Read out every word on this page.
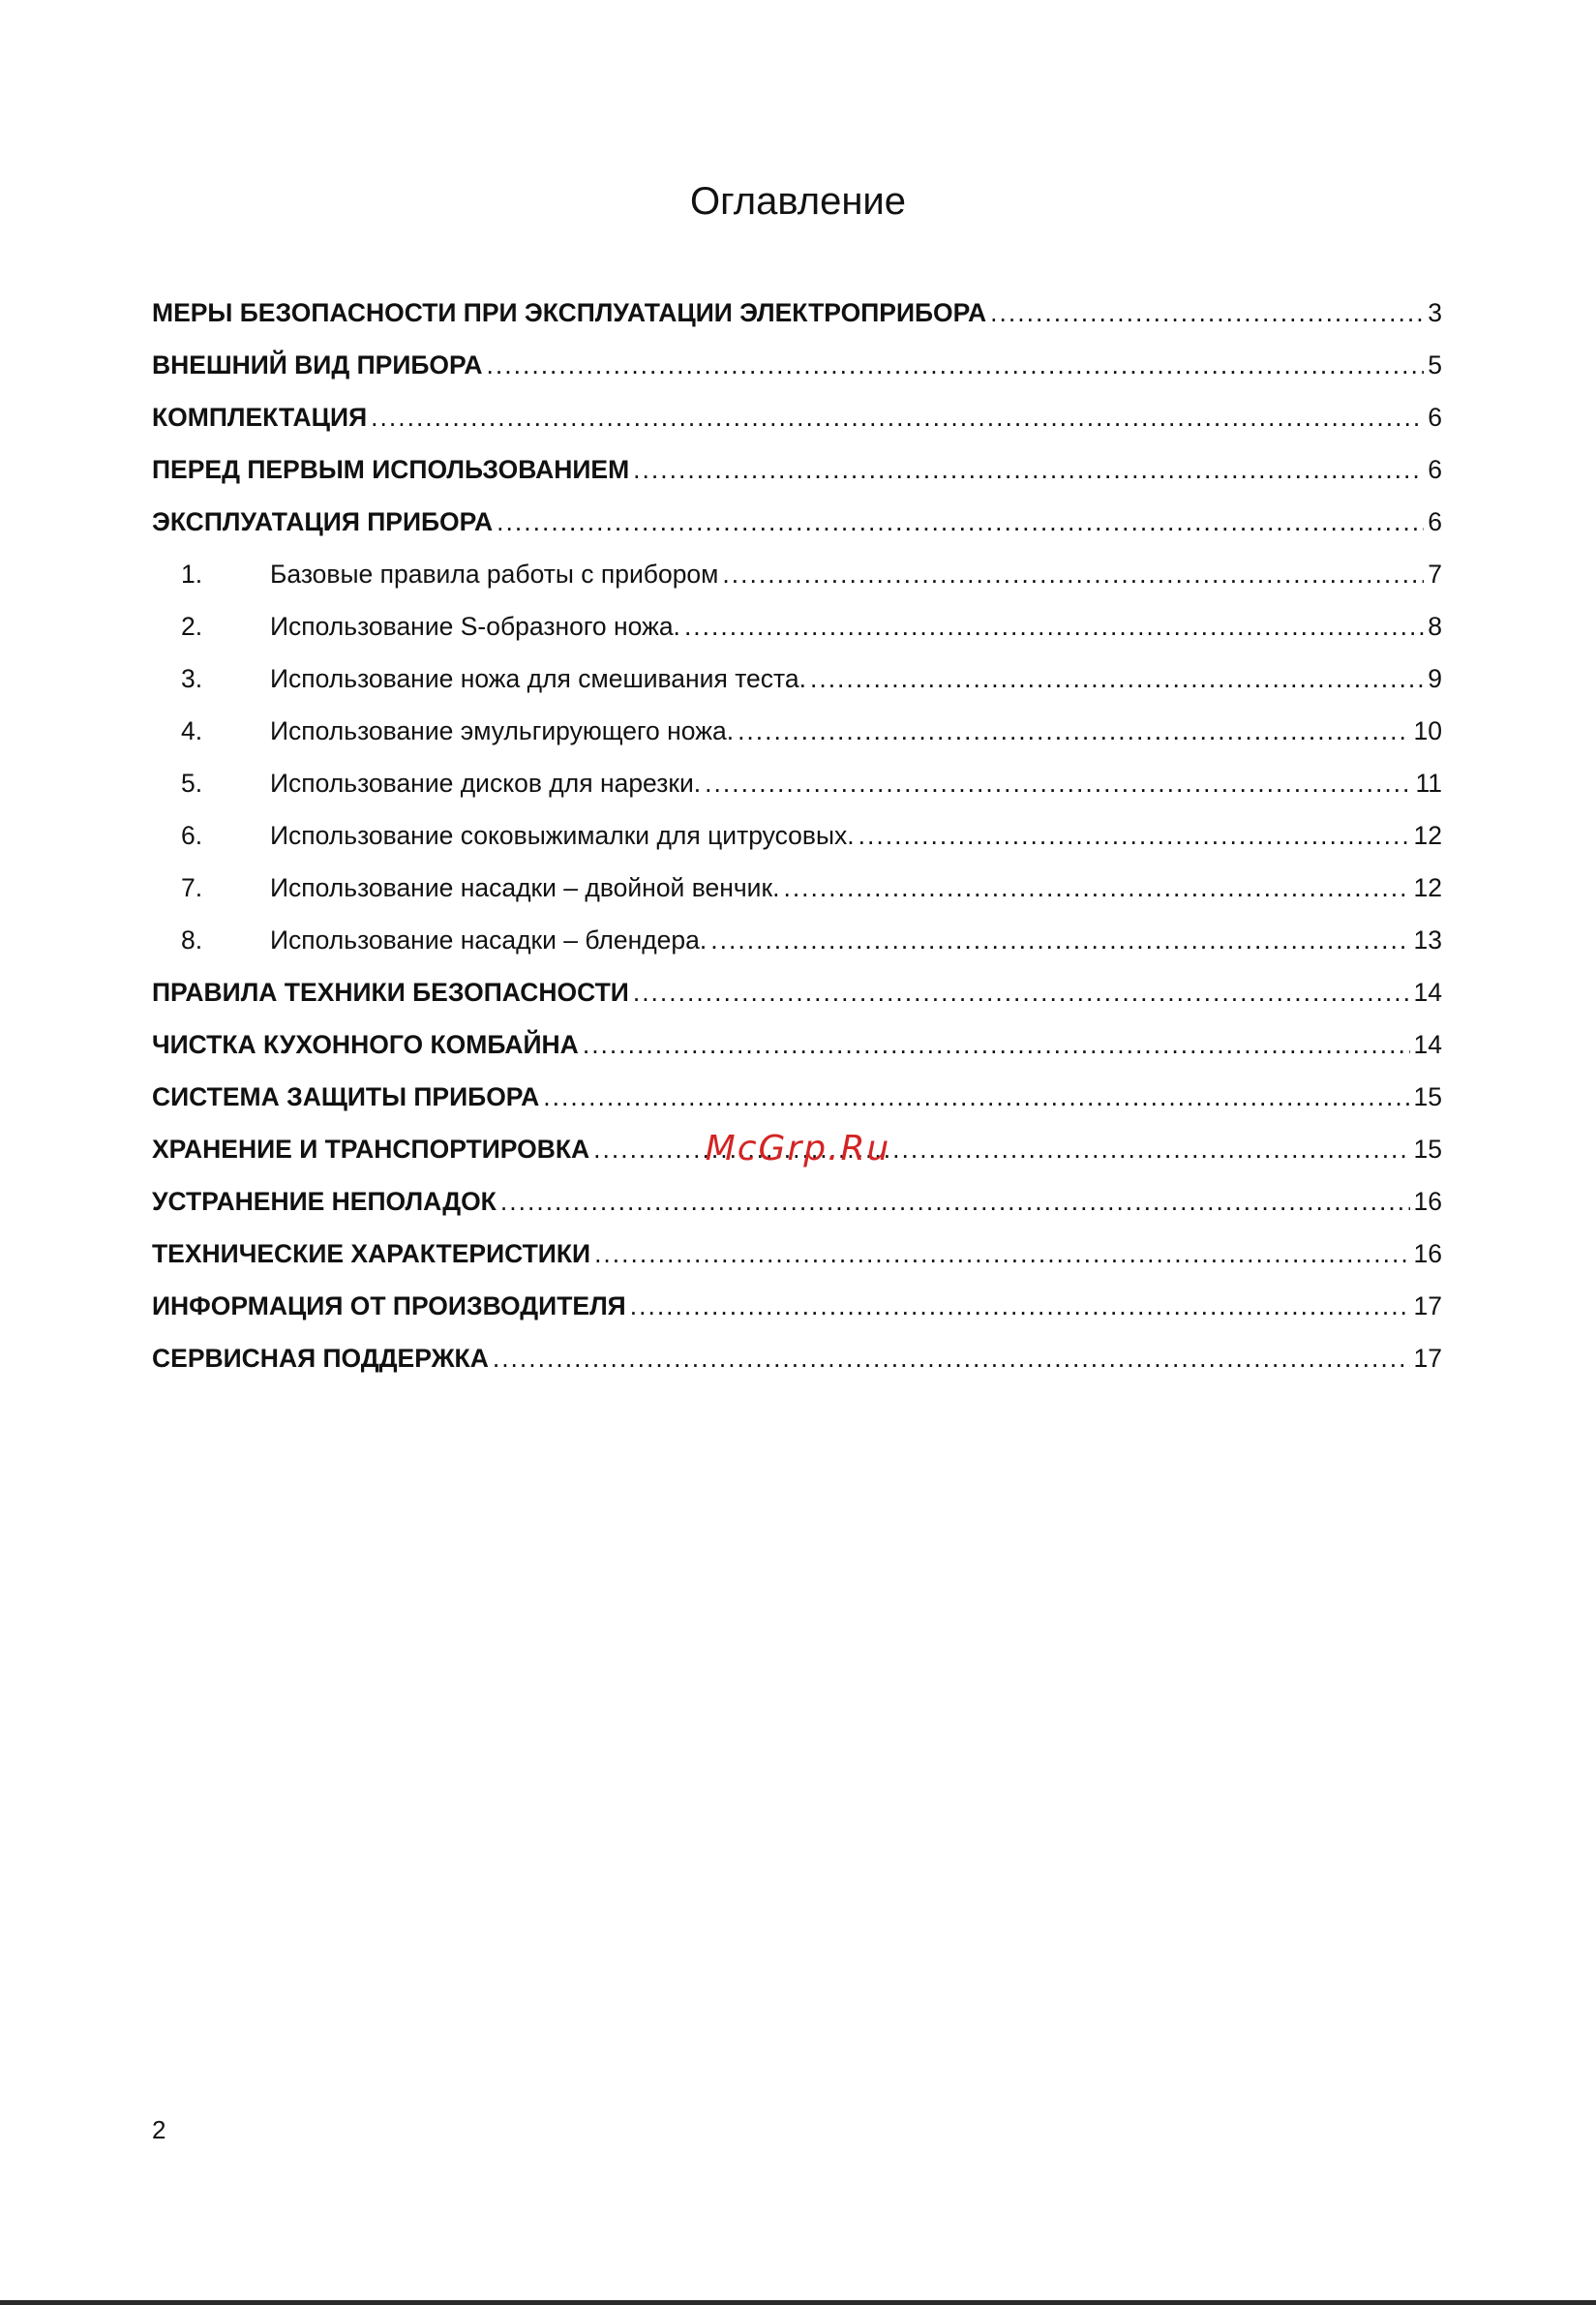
Оглавление
МЕРЫ БЕЗОПАСНОСТИ ПРИ ЭКСПЛУАТАЦИИ ЭЛЕКТРОПРИБОРА .....	3
ВНЕШНИЙ ВИД ПРИБОРА .....	5
КОМПЛЕКТАЦИЯ .....	6
ПЕРЕД ПЕРВЫМ ИСПОЛЬЗОВАНИЕМ .....	6
ЭКСПЛУАТАЦИЯ ПРИБОРА .....	6
1.	Базовые правила работы с прибором .....	7
2.	Использование S-образного ножа. .....	8
3.	Использование ножа для смешивания теста. .....	9
4.	Использование эмульгирующего ножа. .....	10
5.	Использование дисков для нарезки. .....	11
6.	Использование соковыжималки для цитрусовых. .....	12
7.	Использование насадки – двойной венчик. .....	12
8.	Использование насадки – блендера. .....	13
ПРАВИЛА ТЕХНИКИ БЕЗОПАСНОСТИ .....	14
ЧИСТКА КУХОННОГО КОМБАЙНА .....	14
СИСТЕМА ЗАЩИТЫ ПРИБОРА .....	15
ХРАНЕНИЕ И ТРАНСПОРТИРОВКА .....	15
УСТРАНЕНИЕ НЕПОЛАДОК .....	16
ТЕХНИЧЕСКИЕ ХАРАКТЕРИСТИКИ .....	16
ИНФОРМАЦИЯ ОТ ПРОИЗВОДИТЕЛЯ .....	17
СЕРВИСНАЯ ПОДДЕРЖКА .....	17
McGrp.Ru
2
